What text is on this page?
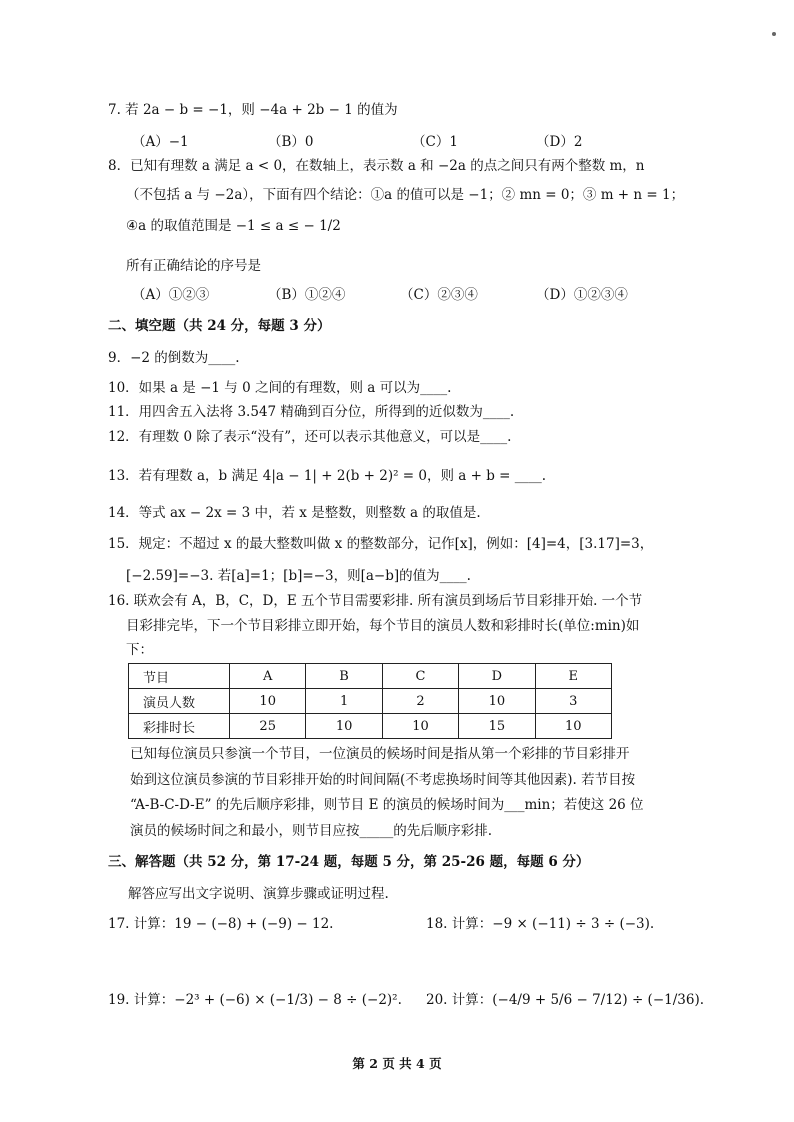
7. 若 2a − b = −1，则 −4a + 2b − 1 的值为
（A）−1	（B）0	（C）1	（D）2
8．已知有理数 a 满足 a < 0，在数轴上，表示数 a 和 −2a 的点之间只有两个整数 m，n
（不包括 a 与 −2a），下面有四个结论：①a 的值可以是 −1；② mn = 0；③ m + n = 1；
④a 的取值范围是 −1 ≤ a ≤ − 1/2
所有正确结论的序号是
（A）①②③	（B）①②④	（C）②③④	（D）①②③④
二、填空题（共 24 分，每题 3 分）
9．−2 的倒数为____.
10．如果 a 是 −1 与 0 之间的有理数，则 a 可以为____.
11．用四舍五入法将 3.547 精确到百分位，所得到的近似数为____.
12．有理数 0 除了表示“没有”，还可以表示其他意义，可以是____.
13．若有理数 a，b 满足 4|a − 1| + 2(b + 2)² = 0，则 a + b = ____.
14．等式 ax − 2x = 3 中，若 x 是整数，则整数 a 的取值是.
15．规定：不超过 x 的最大整数叫做 x 的整数部分，记作[x]，例如：[4]=4，[3.17]=3，
[−2.59]=−3. 若[a]=1；[b]=−3，则[a−b]的值为____.
16. 联欢会有 A，B，C，D，E 五个节目需要彩排. 所有演员到场后节目彩排开始. 一个节
目彩排完毕，下一个节目彩排立即开始，每个节目的演员人数和彩排时长(单位:min)如
下：
节目	A	B	C	D	E
演员人数	10	1	2	10	3
彩排时长	25	10	10	15	10
已知每位演员只参演一个节目，一位演员的候场时间是指从第一个彩排的节目彩排开
始到这位演员参演的节目彩排开始的时间间隔(不考虑换场时间等其他因素). 若节目按
“A-B-C-D-E” 的先后顺序彩排，则节目 E 的演员的候场时间为___min；若使这 26 位
演员的候场时间之和最小，则节目应按_____的先后顺序彩排.
三、解答题（共 52 分，第 17-24 题，每题 5 分，第 25-26 题，每题 6 分）
解答应写出文字说明、演算步骤或证明过程.
17. 计算：19 − (−8) + (−9) − 12.	18. 计算：−9 × (−11) ÷ 3 ÷ (−3).
19. 计算：−2³ + (−6) × (−1/3) − 8 ÷ (−2)². 20. 计算：(−4/9 + 5/6 − 7/12) ÷ (−1/36).
第 2 页 共 4 页
